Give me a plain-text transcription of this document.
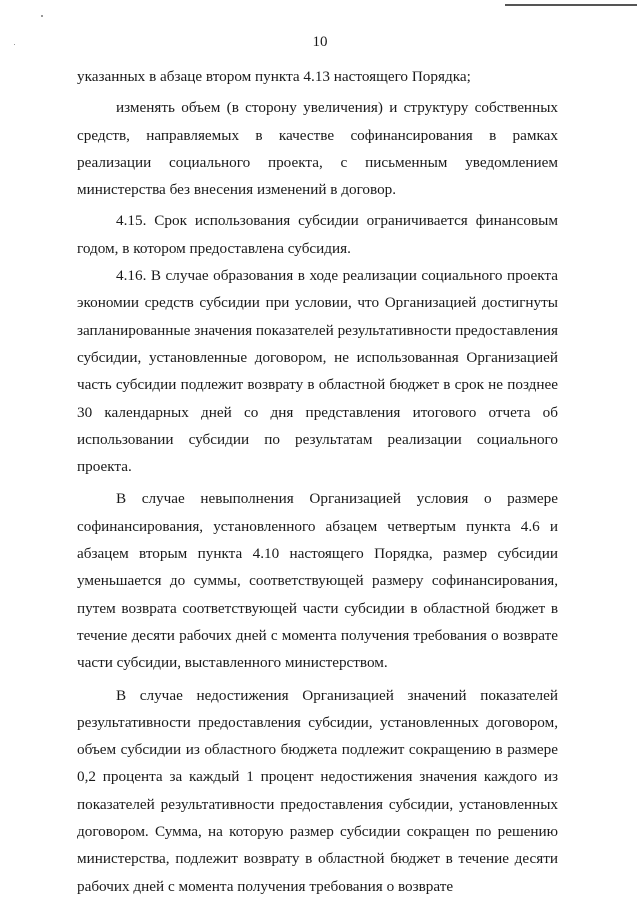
10

указанных в абзаце втором пункта 4.13 настоящего Порядка;

изменять объем (в сторону увеличения) и структуру собственных средств, направляемых в качестве софинансирования в рамках реализации социального проекта, с письменным уведомлением министерства без внесения изменений в договор.

4.15. Срок использования субсидии ограничивается финансовым годом, в котором предоставлена субсидия.

4.16. В случае образования в ходе реализации социального проекта экономии средств субсидии при условии, что Организацией достигнуты запланированные значения показателей результативности предоставления субсидии, установленные договором, не использованная Организацией часть субсидии подлежит возврату в областной бюджет в срок не позднее 30 календарных дней со дня представления итогового отчета об использовании субсидии по результатам реализации социального проекта.

В случае невыполнения Организацией условия о размере софинансирования, установленного абзацем четвертым пункта 4.6 и абзацем вторым пункта 4.10 настоящего Порядка, размер субсидии уменьшается до суммы, соответствующей размеру софинансирования, путем возврата соответствующей части субсидии в областной бюджет в течение десяти рабочих дней с момента получения требования о возврате части субсидии, выставленного министерством.

В случае недостижения Организацией значений показателей результативности предоставления субсидии, установленных договором, объем субсидии из областного бюджета подлежит сокращению в размере 0,2 процента за каждый 1 процент недостижения значения каждого из показателей результативности предоставления субсидии, установленных договором. Сумма, на которую размер субсидии сокращен по решению министерства, подлежит возврату в областной бюджет в течение десяти рабочих дней с момента получения требования о возврате
